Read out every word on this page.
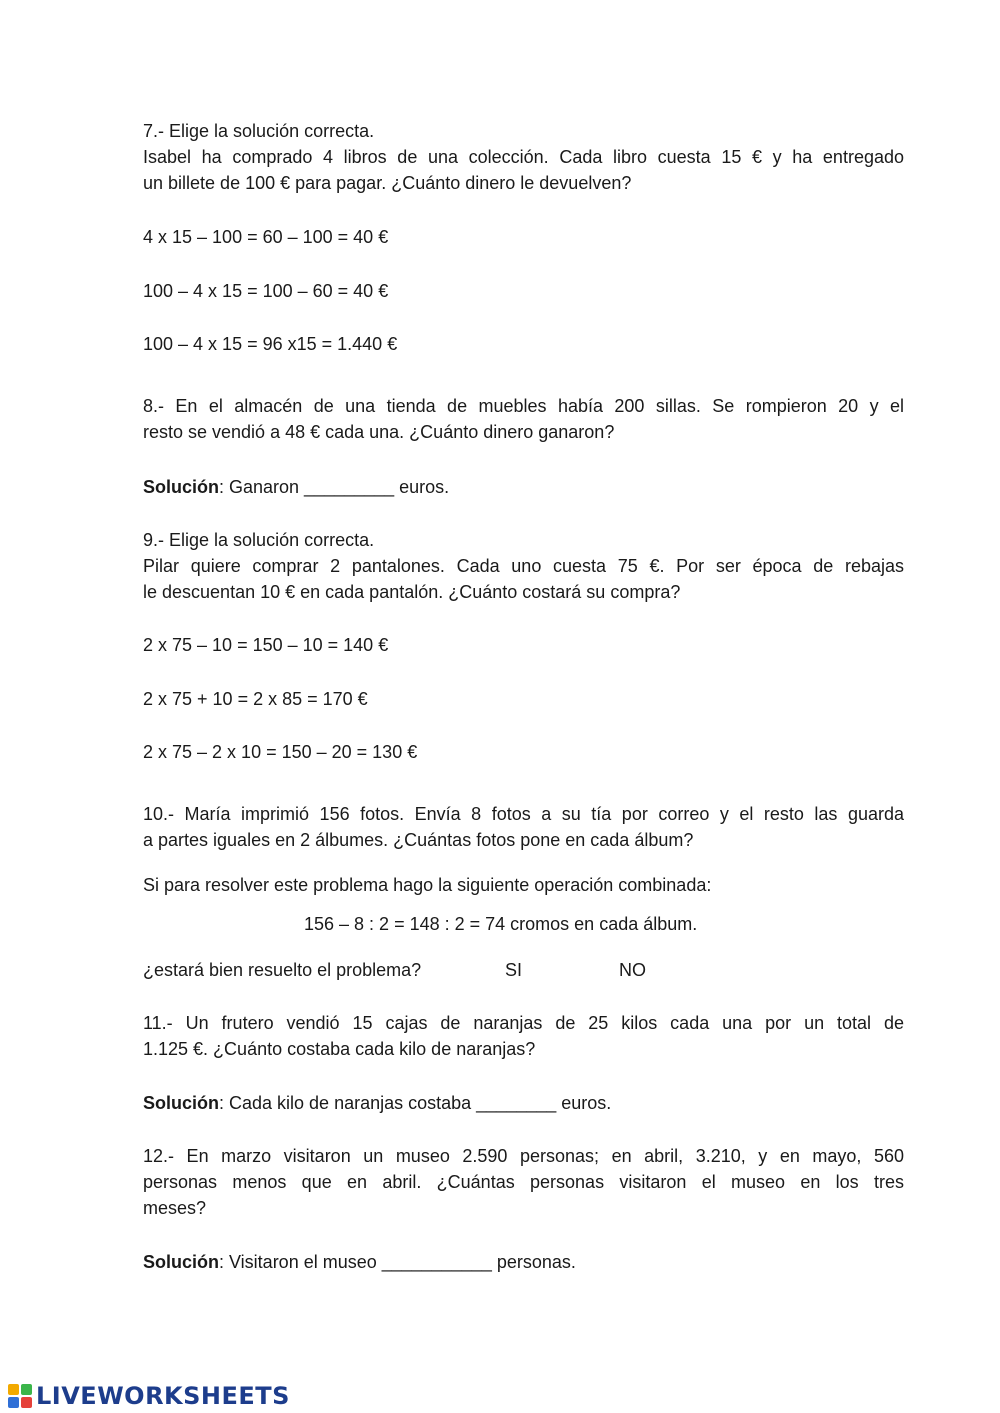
7.- Elige la solución correcta.

Isabel ha comprado 4 libros de una colección. Cada libro cuesta 15 € y ha entregado
un billete de 100 € para pagar. ¿Cuánto dinero le devuelven?

4 x 15 – 100 = 60 – 100 = 40 €

100 – 4 x 15 = 100 – 60 = 40 €

100 – 4 x 15 = 96 x15 = 1.440 €

8.- En el almacén de una tienda de muebles había 200 sillas. Se rompieron 20 y el
resto se vendió a 48 € cada una. ¿Cuánto dinero ganaron?

Solución: Ganaron _________ euros.

9.- Elige la solución correcta.

Pilar quiere comprar 2 pantalones. Cada uno cuesta 75 €. Por ser época de rebajas
le descuentan 10 € en cada pantalón. ¿Cuánto costará su compra?

2 x 75 – 10 = 150 – 10 = 140 €

2 x 75 + 10 = 2 x 85 = 170 €

2 x 75 – 2 x 10 = 150 – 20 = 130 €

10.- María imprimió 156 fotos. Envía 8 fotos a su tía por correo y el resto las guarda
a partes iguales en 2 álbumes. ¿Cuántas fotos pone en cada álbum?

Si para resolver este problema hago la siguiente operación combinada:

156 – 8 : 2 = 148 : 2 = 74 cromos en cada álbum.

¿estará bien resuelto el problema?	SI	NO

11.- Un frutero vendió 15 cajas de naranjas de 25 kilos cada una por un total de
1.125 €. ¿Cuánto costaba cada kilo de naranjas?

Solución: Cada kilo de naranjas costaba ________ euros.

12.- En marzo visitaron un museo 2.590 personas; en abril, 3.210, y en mayo, 560
personas menos que en abril. ¿Cuántas personas visitaron el museo en los tres
meses?

Solución: Visitaron el museo ___________ personas.

LIVEWORKSHEETS
